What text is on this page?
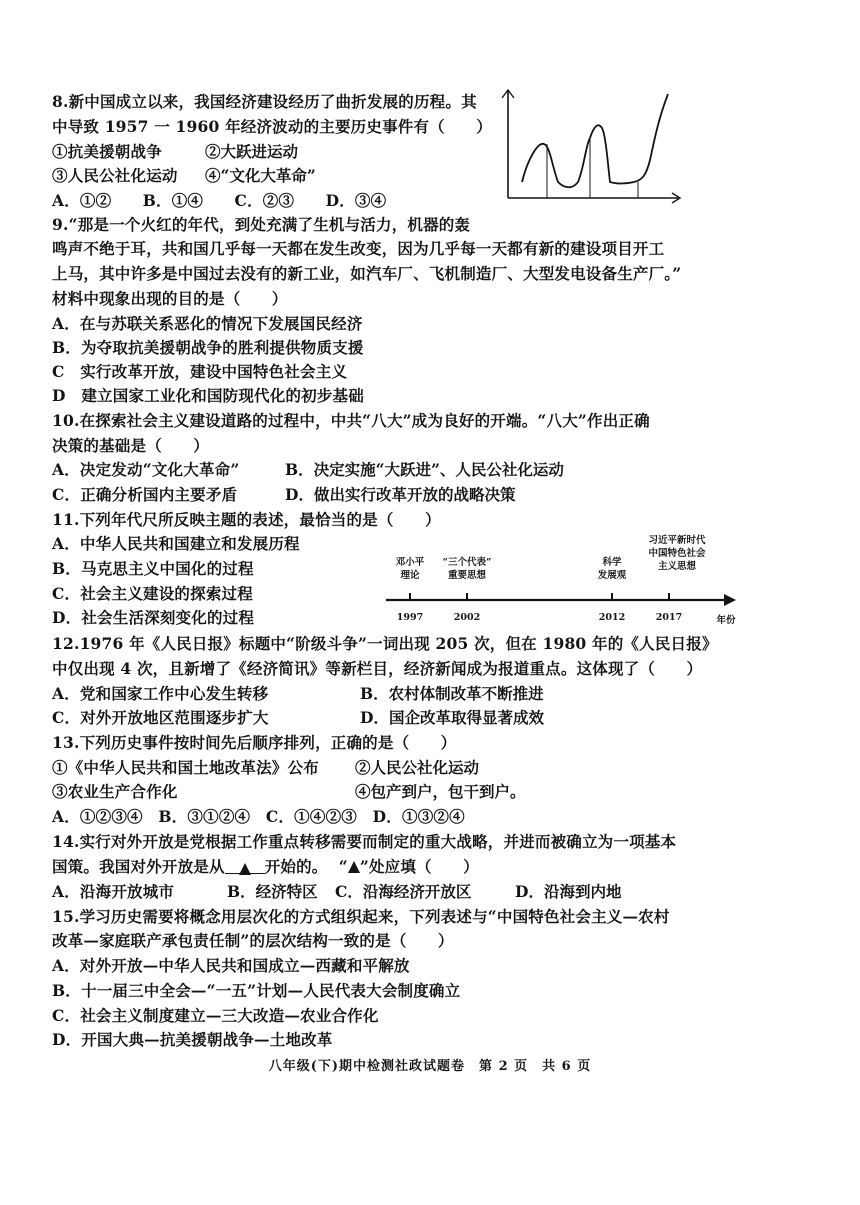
8.新中国成立以来，我国经济建设经历了曲折发展的历程。其
中导致 1957 一 1960 年经济波动的主要历史事件有（　　）
①抗美援朝战争	②大跃进运动
③人民公社化运动 ④“文化大革命”
A．①②　　B．①④　　C．②③　　D．③④
9.“那是一个火红的年代，到处充满了生机与活力，机器的轰
鸣声不绝于耳，共和国几乎每一天都在发生改变，因为几乎每一天都有新的建设项目开工
上马，其中许多是中国过去没有的新工业，如汽车厂、飞机制造厂、大型发电设备生产厂。”
材料中现象出现的目的是（　　）
A．在与苏联关系恶化的情况下发展国民经济
B．为夺取抗美援朝战争的胜利提供物质支援
C　实行改革开放，建设中国特色社会主义
D　建立国家工业化和国防现代化的初步基础
10.在探索社会主义建设道路的过程中，中共“八大”成为良好的开端。“八大”作出正确
决策的基础是（　　）
A．决定发动“文化大革命”	B．决定实施“大跃进”、人民公社化运动
C．正确分析国内主要矛盾	D．做出实行改革开放的战略决策
11.下列年代尺所反映主题的表述，最恰当的是（　　）
A．中华人民共和国建立和发展历程
B．马克思主义中国化的过程
C．社会主义建设的探索过程
D．社会生活深刻变化的过程
邓小平
理论
“三个代表”
重要思想
科学
发展观
习近平新时代
中国特色社会
主义思想
1997	2002	2012	2017	年份
12.1976 年《人民日报》标题中“阶级斗争”一词出现 205 次，但在 1980 年的《人民日报》
中仅出现 4 次，且新增了《经济简讯》等新栏目，经济新闻成为报道重点。这体现了（　　）
A．党和国家工作中心发生转移	B．农村体制改革不断推进
C．对外开放地区范围逐步扩大	D．国企改革取得显著成效
13.下列历史事件按时间先后顺序排列，正确的是（　　）
①《中华人民共和国土地改革法》公布 ②人民公社化运动
③农业生产合作化	④包产到户，包干到户。
A．①②③④　B．③①②④　C．①④②③　D．①③②④
14.实行对外开放是党根据工作重点转移需要而制定的重大战略，并进而被确立为一项基本
国策。我国对外开放是从	开始的。  “ ”处应填（　　）
A．沿海开放城市	B．经济特区 C．沿海经济开放区	D．沿海到内地
15.学习历史需要将概念用层次化的方式组织起来，下列表述与“中国特色社会主义—农村
改革—家庭联产承包责任制”的层次结构一致的是（　　）
A．对外开放—中华人民共和国成立—西藏和平解放
B．十一届三中全会—“一五”计划—人民代表大会制度确立
C．社会主义制度建立—三大改造—农业合作化
D．开国大典—抗美援朝战争—土地改革
八年级(下)期中检测社政试题卷　第 2 页　共 6 页
